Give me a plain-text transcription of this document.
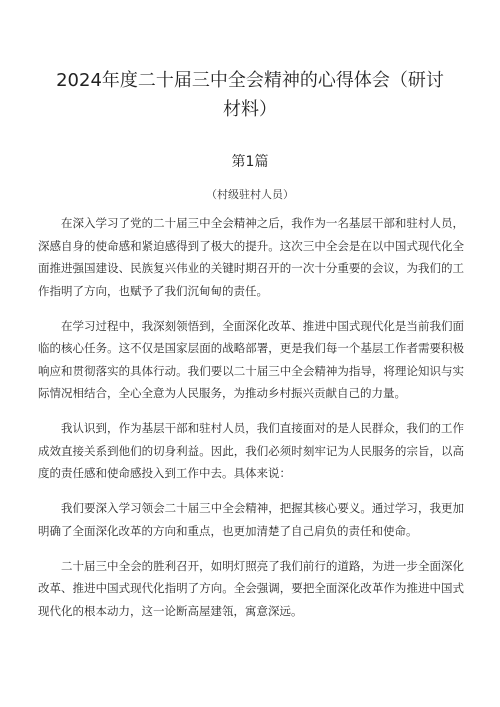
2024年度二十届三中全会精神的心得体会（研讨材料）
第1篇
（村级驻村人员）

在深入学习了党的二十届三中全会精神之后，我作为一名基层干部和驻村人员，深感自身的使命感和紧迫感得到了极大的提升。这次三中全会是在以中国式现代化全面推进强国建设、民族复兴伟业的关键时期召开的一次十分重要的会议，为我们的工作指明了方向，也赋予了我们沉甸甸的责任。

在学习过程中，我深刻领悟到，全面深化改革、推进中国式现代化是当前我们面临的核心任务。这不仅是国家层面的战略部署，更是我们每一个基层工作者需要积极响应和贯彻落实的具体行动。我们要以二十届三中全会精神为指导，将理论知识与实际情况相结合，全心全意为人民服务，为推动乡村振兴贡献自己的力量。

我认识到，作为基层干部和驻村人员，我们直接面对的是人民群众，我们的工作成效直接关系到他们的切身利益。因此，我们必须时刻牢记为人民服务的宗旨，以高度的责任感和使命感投入到工作中去。具体来说：

我们要深入学习领会二十届三中全会精神，把握其核心要义。通过学习，我更加明确了全面深化改革的方向和重点，也更加清楚了自己肩负的责任和使命。

二十届三中全会的胜利召开，如明灯照亮了我们前行的道路，为进一步全面深化改革、推进中国式现代化指明了方向。全会强调，要把全面深化改革作为推进中国式现代化的根本动力，这一论断高屋建瓴，寓意深远。
